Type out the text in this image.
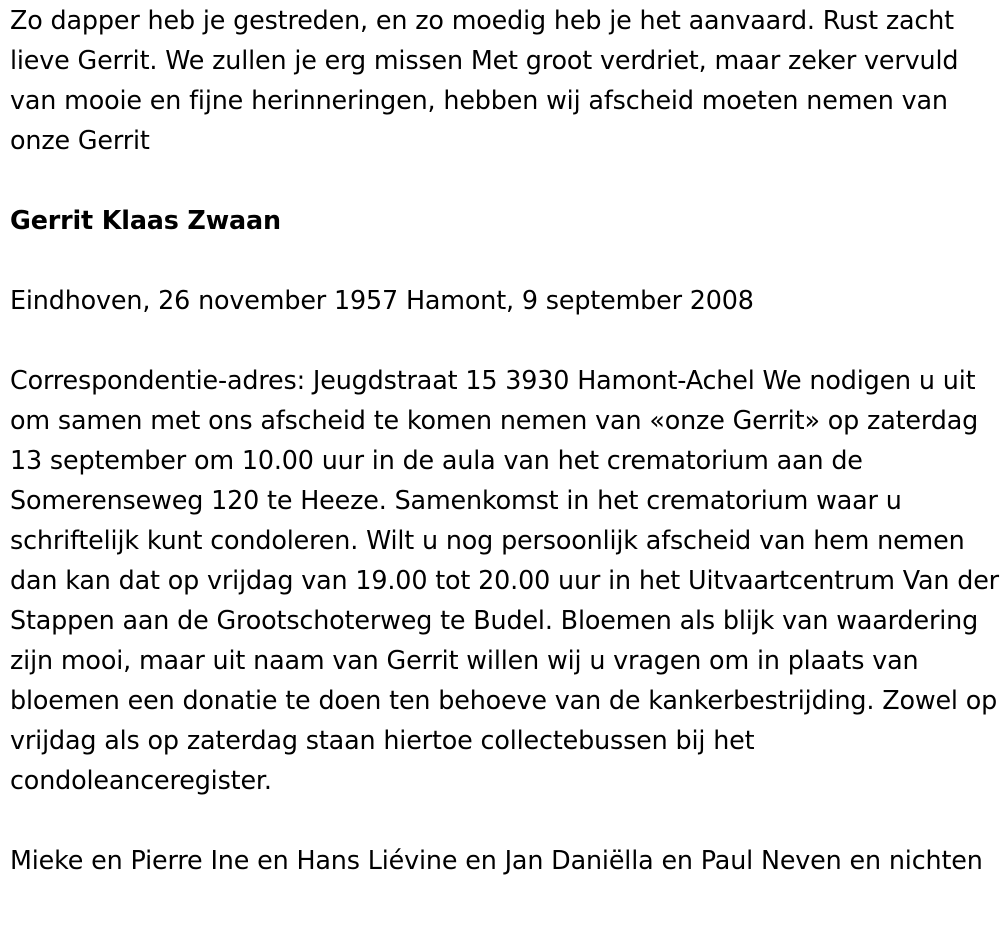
Zo dapper heb je gestreden, en zo moedig heb je het aanvaard. Rust zacht lieve Gerrit. We zullen je erg missen Met groot verdriet, maar zeker vervuld van mooie en fijne herinneringen, hebben wij afscheid moeten nemen van onze Gerrit

Gerrit Klaas Zwaan

Eindhoven, 26 november 1957 Hamont, 9 september 2008

Correspondentie-adres: Jeugdstraat 15 3930 Hamont-Achel We nodigen u uit om samen met ons afscheid te komen nemen van «onze Gerrit» op zaterdag 13 september om 10.00 uur in de aula van het crematorium aan de Somerenseweg 120 te Heeze. Samenkomst in het crematorium waar u schriftelijk kunt condoleren. Wilt u nog persoonlijk afscheid van hem nemen dan kan dat op vrijdag van 19.00 tot 20.00 uur in het Uitvaartcentrum Van der Stappen aan de Grootschoterweg te Budel. Bloemen als blijk van waardering zijn mooi, maar uit naam van Gerrit willen wij u vragen om in plaats van bloemen een donatie te doen ten behoeve van de kankerbestrijding. Zowel op vrijdag als op zaterdag staan hiertoe collectebussen bij het condoleanceregister.

Mieke en Pierre Ine en Hans Liévine en Jan Daniëlla en Paul Neven en nichten
